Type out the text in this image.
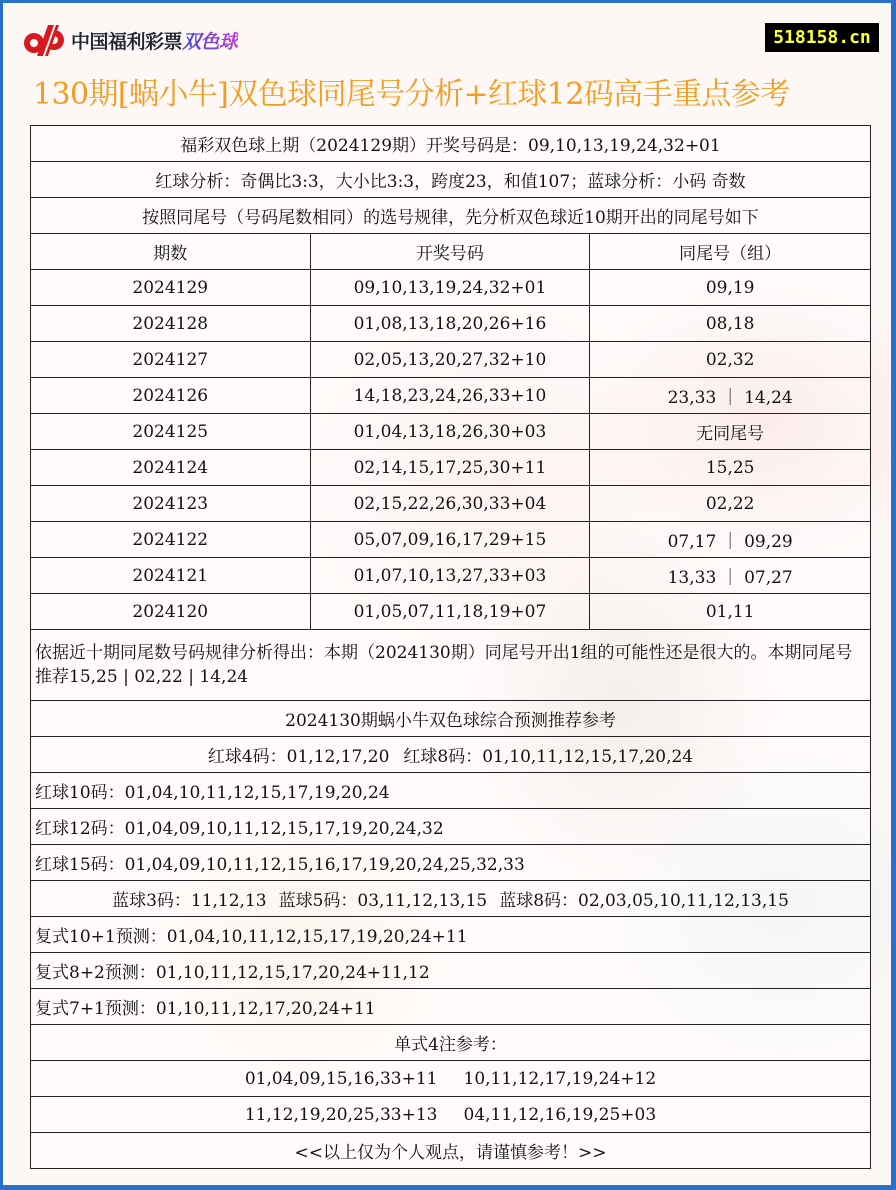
中国福利彩票 双色球	518158.cn
130期[蜗小牛]双色球同尾号分析+红球12码高手重点参考
福彩双色球上期（2024129期）开奖号码是：09,10,13,19,24,32+01		
红球分析：奇偶比3:3，大小比3:3，跨度23，和值107；蓝球分析：小码 奇数		
按照同尾号（号码尾数相同）的选号规律，先分析双色球近10期开出的同尾号如下		
期数	开奖号码	同尾号（组）
2024129	09,10,13,19,24,32+01	09,19
2024128	01,08,13,18,20,26+16	08,18
2024127	02,05,13,20,27,32+10	02,32
2024126	14,18,23,24,26,33+10	23,33 ｜ 14,24
2024125	01,04,13,18,26,30+03	无同尾号
2024124	02,14,15,17,25,30+11	15,25
2024123	02,15,22,26,30,33+04	02,22
2024122	05,07,09,16,17,29+15	07,17 ｜ 09,29
2024121	01,07,10,13,27,33+03	13,33 ｜ 07,27
2024120	01,05,07,11,18,19+07	01,11
依据近十期同尾数号码规律分析得出：本期（2024130期）同尾号开出1组的可能性还是很大的。本期同尾号推荐15,25 | 02,22 | 14,24		
2024130期蜗小牛双色球综合预测推荐参考		
红球4码：01,12,17,20 红球8码：01,10,11,12,15,17,20,24		
红球10码：01,04,10,11,12,15,17,19,20,24		
红球12码：01,04,09,10,11,12,15,17,19,20,24,32		
红球15码：01,04,09,10,11,12,15,16,17,19,20,24,25,32,33		
蓝球3码：11,12,13 蓝球5码：03,11,12,13,15 蓝球8码：02,03,05,10,11,12,13,15		
复式10+1预测：01,04,10,11,12,15,17,19,20,24+11		
复式8+2预测：01,10,11,12,15,17,20,24+11,12		
复式7+1预测：01,10,11,12,17,20,24+11		
单式4注参考：		
01,04,09,15,16,33+11 10,11,12,17,19,24+12		
11,12,19,20,25,33+13 04,11,12,16,19,25+03		
<<以上仅为个人观点，请谨慎参考！>>		
